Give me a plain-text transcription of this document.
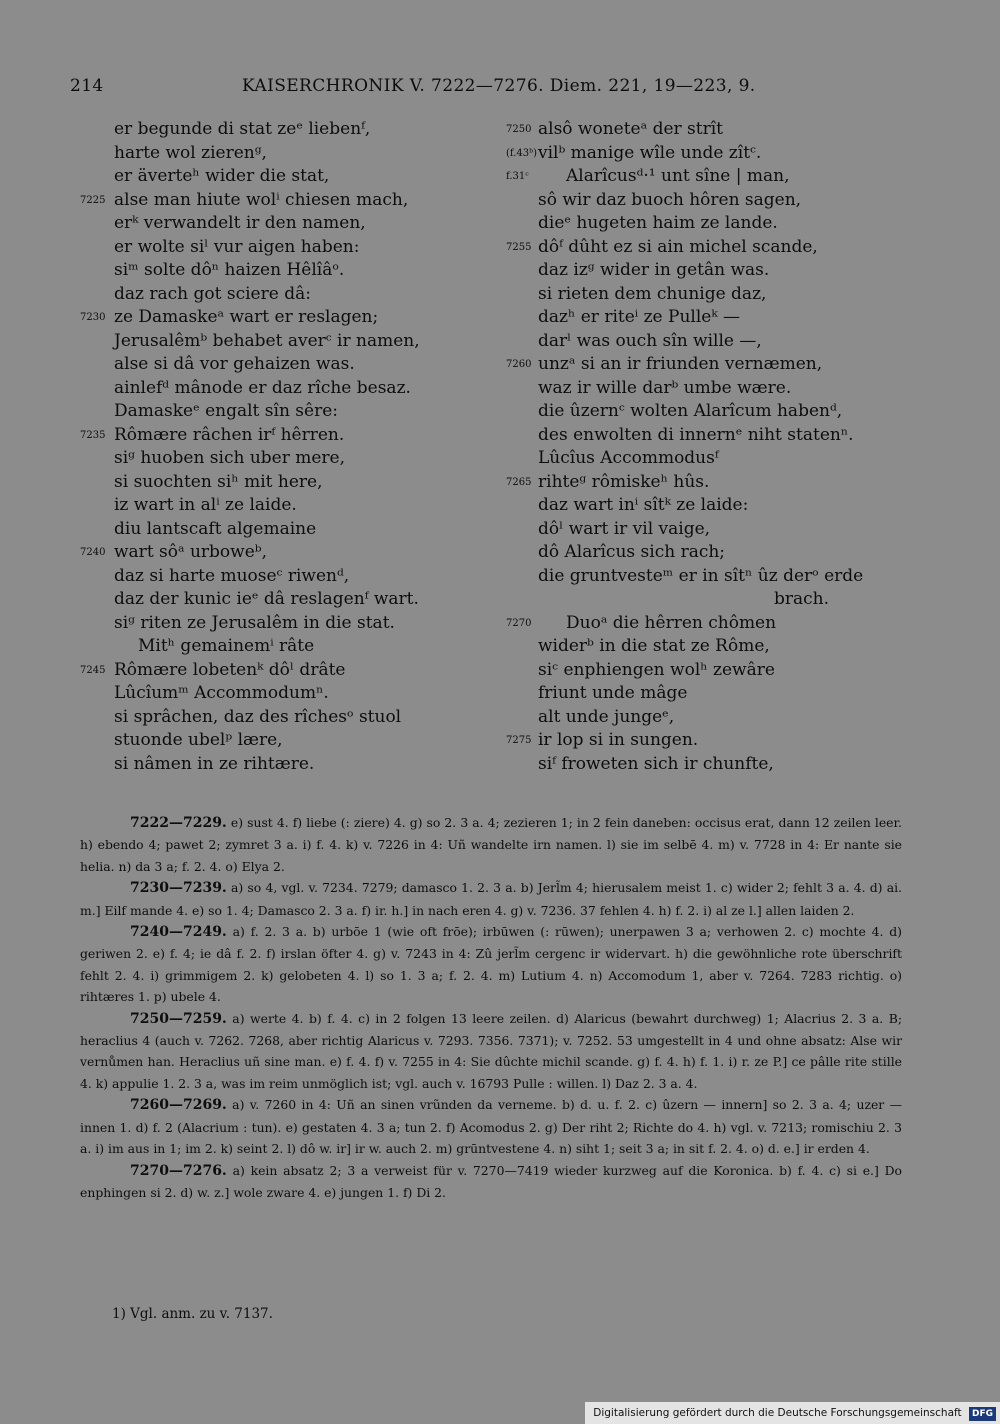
214	KAISERCHRONIK V. 7222—7276. Diem. 221, 19—223, 9.
er begunde di stat zeᵉ liebenᶠ,
harte wol zierenᵍ,
er äverteʰ wider die stat,
7225 alse man hiute wolⁱ chiesen mach,
erᵏ verwandelt ir den namen,
er wolte siˡ vur aigen haben:
siᵐ solte dôⁿ haizen Hêlîâᵒ.
daz rach got sciere dâ:
7230 ze Damaskeᵃ wart er reslagen;
Jerusalêmᵇ behabet averᶜ ir namen,
alse si dâ vor gehaizen was.
ainlefᵈ mânode er daz rîche besaz.
Damaskeᵉ engalt sîn sêre:
7235 Rômære râchen irᶠ hêrren.
siᵍ huoben sich uber mere,
si suochten siʰ mit here,
iz wart in alⁱ ze laide.
diu lantscaft algemaine
7240 wart sôᵃ urboweᵇ,
daz si harte muoseᶜ riwenᵈ,
daz der kunic ieᵉ dâ reslagenᶠ wart.
siᵍ riten ze Jerusalêm in die stat.
Mitʰ gemainemⁱ râte
7245 Rômære lobetenᵏ dôˡ drâte
Lûcîumᵐ Accommodumⁿ.
si sprâchen, daz des rîchesᵒ stuol
stuonde ubelᵖ lære,
si nâmen in ze rihtære.
7250 alsô woneteᵃ der strît
(f.43ᵇ) vilᵇ manige wîle unde zîtᶜ.
f.31ᶜ Alarîcusᵈ·¹ unt sîne | man,
sô wir daz buoch hôren sagen,
dieᵉ hugeten haim ze lande.
7255 dôᶠ dûht ez si ain michel scande,
daz izᵍ wider in getân was.
si rieten dem chunige daz,
dazʰ er riteⁱ ze Pulleᵏ —
darˡ was ouch sîn wille —,
7260 unzᵃ si an ir friunden vernæmen,
waz ir wille darᵇ umbe wære.
die ûzernᶜ wolten Alarîcum habenᵈ,
des enwolten di innernᵉ niht statenⁿ.
Lûcîus Accommodusᶠ
7265 rihteᵍ rômiskeʰ hûs.
daz wart inⁱ sîtᵏ ze laide:
dôˡ wart ir vil vaige,
dô Alarîcus sich rach;
die gruntvesteᵐ er in sîtⁿ ûz derᵒ erde
brach.
7270 Duoᵃ die hêrren chômen
widerᵇ in die stat ze Rôme,
siᶜ enphiengen wolʰ zewâre
friunt unde mâge
alt unde jungeᵉ,
7275 ir lop si in sungen.
siᶠ froweten sich ir chunfte,

7222—7229. e) sust 4. f) liebe (: ziere) 4. g) so 2. 3 a. 4; zezieren 1; in 2 fein daneben: occisus erat, dann 12 zeilen leer. h) ebendo 4; pawet 2; zymret 3 a. i) f. 4. k) v. 7226 in 4: Uñ wandelte irn namen. l) sie im selbē 4. m) v. 7728 in 4: Er nante sie helia. n) da 3 a; f. 2. 4. o) Elya 2.

7230—7239. a) so 4, vgl. v. 7234. 7279; damasco 1. 2. 3 a. b) Jerl̃m 4; hierusalem meist 1. c) wider 2; fehlt 3 a. 4. d) ai. m.] Eilf mande 4. e) so 1. 4; Damasco 2. 3 a. f) ir. h.] in nach eren 4. g) v. 7236. 37 fehlen 4. h) f. 2. i) al ze l.] allen laiden 2.

7240—7249. a) f. 2. 3 a. b) urbōe 1 (wie oft frōe); irbūwen (: rūwen); unerpawen 3 a; verhowen 2. c) mochte 4. d) geriwen 2. e) f. 4; ie dâ f. 2. f) irslan öfter 4. g) v. 7243 in 4: Zû jerl̃m cergenc ir widervart. h) die gewöhnliche rote überschrift fehlt 2. 4. i) grimmigem 2. k) gelobeten 4. l) so 1. 3 a; f. 2. 4. m) Lutium 4. n) Accomodum 1, aber v. 7264. 7283 richtig. o) rihtæres 1. p) ubele 4.

7250—7259. a) werte 4. b) f. 4. c) in 2 folgen 13 leere zeilen. d) Alaricus (bewahrt durchweg) 1; Alacrius 2. 3 a. B; heraclius 4 (auch v. 7262. 7268, aber richtig Alaricus v. 7293. 7356. 7371); v. 7252. 53 umgestellt in 4 und ohne absatz: Alse wir vernůmen han. Heraclius uñ sine man. e) f. 4. f) v. 7255 in 4: Sie dûchte michil scande. g) f. 4. h) f. 1. i) r. ze P.] ce pâlle rite stille 4. k) appulie 1. 2. 3 a, was im reim unmöglich ist; vgl. auch v. 16793 Pulle : willen. l) Daz 2. 3 a. 4.

7260—7269. a) v. 7260 in 4: Uñ an sinen vrũnden da verneme. b) d. u. f. 2. c) ûzern — innern] so 2. 3 a. 4; uzer — innen 1. d) f. 2 (Alacrium : tun). e) gestaten 4. 3 a; tun 2. f) Acomodus 2. g) Der riht 2; Richte do 4. h) vgl. v. 7213; romischiu 2. 3 a. i) im aus in 1; im 2. k) seint 2. l) dô w. ir] ir w. auch 2. m) grūntvestene 4. n) siht 1; seit 3 a; in sit f. 2. 4. o) d. e.] ir erden 4.

7270—7276. a) kein absatz 2; 3 a verweist für v. 7270—7419 wieder kurzweg auf die Koronica. b) f. 4. c) si e.] Do enphingen si 2. d) w. z.] wole zware 4. e) jungen 1. f) Di 2.

1) Vgl. anm. zu v. 7137.
Digitalisierung gefördert durch die Deutsche Forschungsgemeinschaft DFG
